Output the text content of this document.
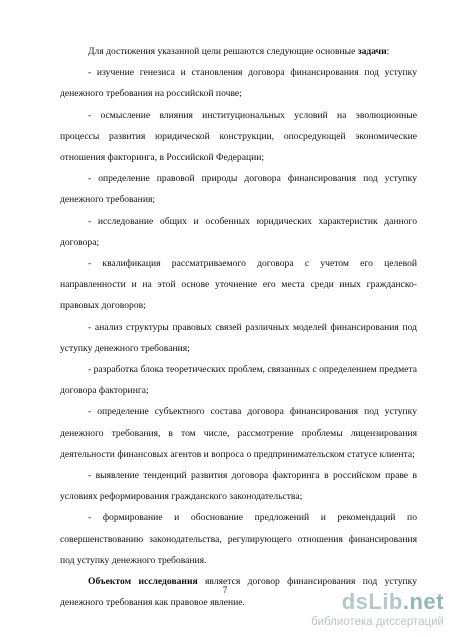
Для достижения указанной цели решаются следующие основные задачи:

- изучение генезиса и становления договора финансирования под уступку денежного требования на российской почве;

- осмысление влияния институциональных условий на эволюционные процессы развития юридической конструкции, опосредующей экономические отношения факторинга, в Российской Федерации;

- определение правовой природы договора финансирования под уступку денежного требования;

- исследование общих и особенных юридических характеристик данного договора;

- квалификация рассматриваемого договора с учетом его целевой направленности и на этой основе уточнение его места среди иных гражданско-правовых договоров;

- анализ структуры правовых связей различных моделей финансирования под уступку денежного требования;

- разработка блока теоретических проблем, связанных с определением предмета договора факторинга;

- определение субъектного состава договора финансирования под уступку денежного требования, в том числе, рассмотрение проблемы лицензирования деятельности финансовых агентов и вопроса о предпринимательском статусе клиента;

- выявление тенденций развития договора факторинга в российском праве в условиях реформирования гражданского законодательства;

- формирование и обоснование предложений и рекомендаций по совершенствованию законодательства, регулирующего отношения финансирования под уступку денежного требования.

Объектом исследования является договор финансирования под уступку денежного требования как правовое явление.

7	dsLib.net
библиотека диссертаций
